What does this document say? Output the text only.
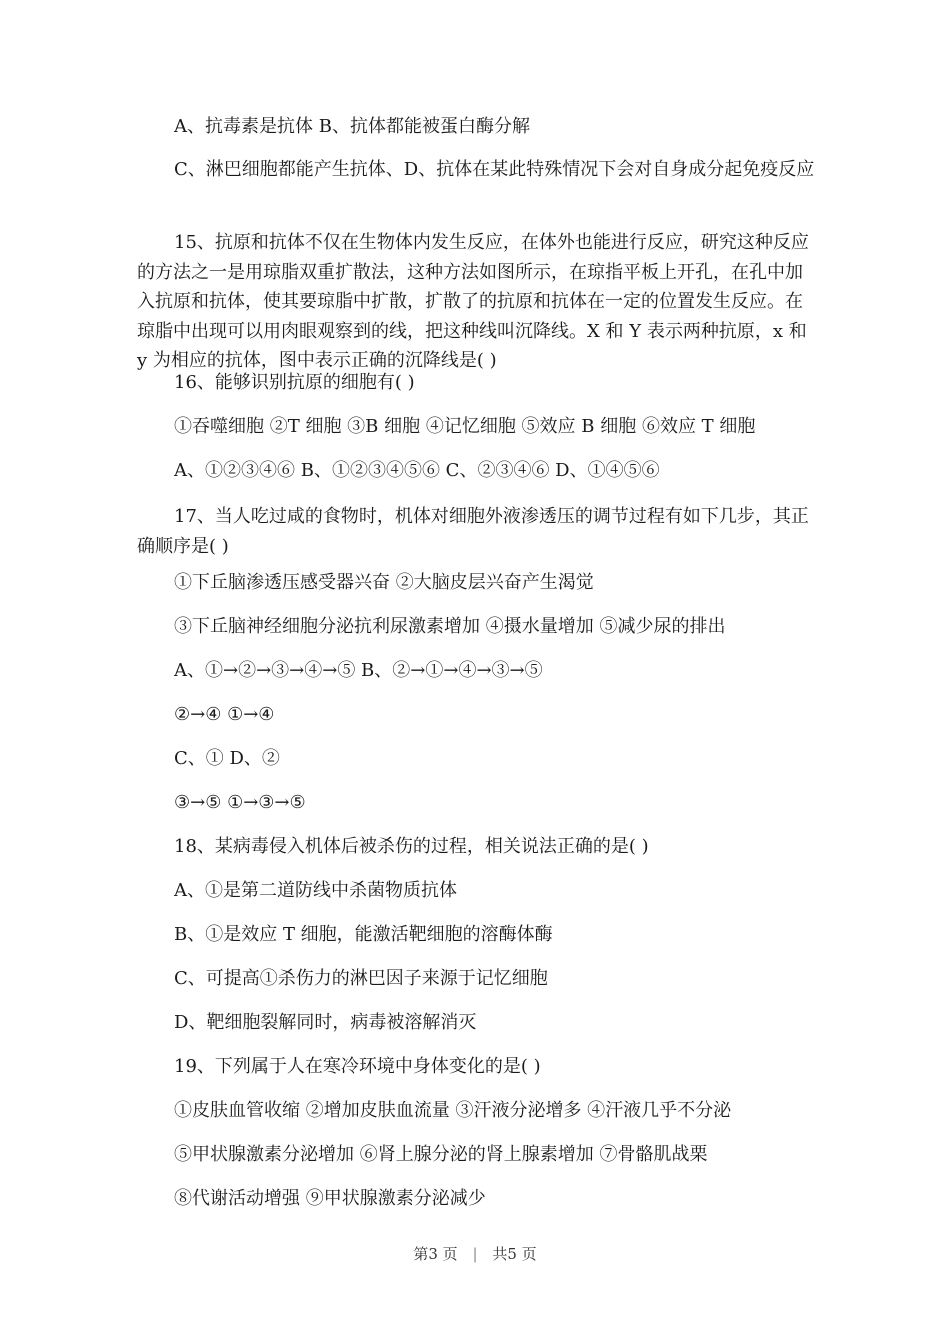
A、抗毒素是抗体 B、抗体都能被蛋白酶分解
C、淋巴细胞都能产生抗体、D、抗体在某此特殊情况下会对自身成分起免疫反应
15、抗原和抗体不仅在生物体内发生反应，在体外也能进行反应，研究这种反应的方法之一是用琼脂双重扩散法，这种方法如图所示，在琼指平板上开孔，在孔中加入抗原和抗体，使其要琼脂中扩散，扩散了的抗原和抗体在一定的位置发生反应。在琼脂中出现可以用肉眼观察到的线，把这种线叫沉降线。X 和 Y 表示两种抗原，x 和 y 为相应的抗体，图中表示正确的沉降线是( )
16、能够识别抗原的细胞有( )
①吞噬细胞 ②T 细胞 ③B 细胞 ④记忆细胞 ⑤效应 B 细胞 ⑥效应 T 细胞
A、①②③④⑥ B、①②③④⑤⑥ C、②③④⑥ D、①④⑤⑥
17、当人吃过咸的食物时，机体对细胞外液渗透压的调节过程有如下几步，其正确顺序是( )
①下丘脑渗透压感受器兴奋 ②大脑皮层兴奋产生渴觉
③下丘脑神经细胞分泌抗利尿激素增加 ④摄水量增加 ⑤减少尿的排出
A、①→②→③→④→⑤ B、②→①→④→③→⑤
②→④ ①→④
C、① D、②
③→⑤ ①→③→⑤
18、某病毒侵入机体后被杀伤的过程，相关说法正确的是( )
A、①是第二道防线中杀菌物质抗体
B、①是效应 T 细胞，能激活靶细胞的溶酶体酶
C、可提高①杀伤力的淋巴因子来源于记忆细胞
D、靶细胞裂解同时，病毒被溶解消灭
19、下列属于人在寒冷环境中身体变化的是( )
①皮肤血管收缩 ②增加皮肤血流量 ③汗液分泌增多 ④汗液几乎不分泌
⑤甲状腺激素分泌增加 ⑥肾上腺分泌的肾上腺素增加 ⑦骨骼肌战栗
⑧代谢活动增强 ⑨甲状腺激素分泌减少
第3 页 | 共5 页
